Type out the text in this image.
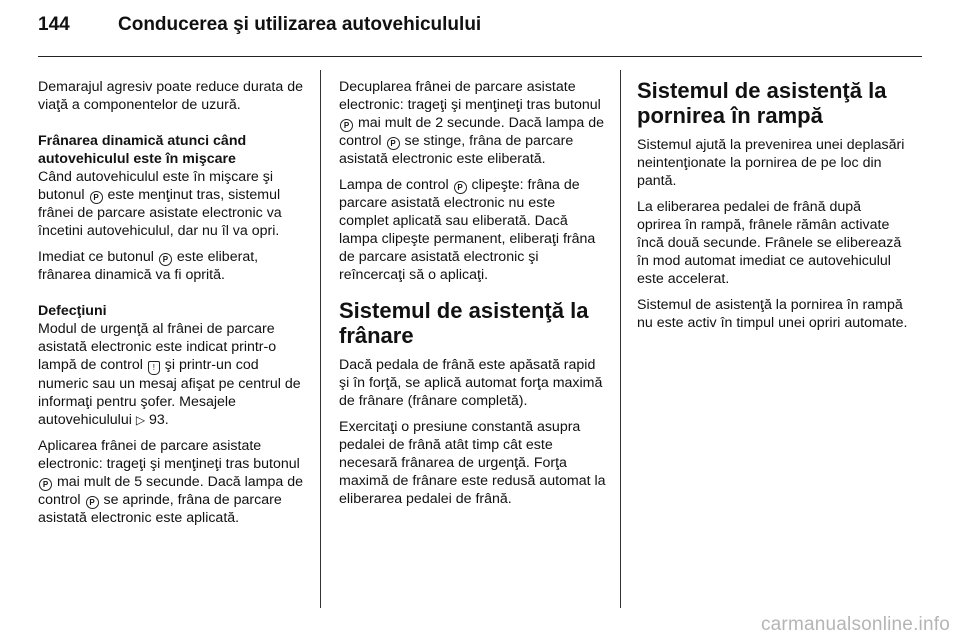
144	Conducerea şi utilizarea autovehiculului

Demarajul agresiv poate reduce durata de viaţă a componentelor de uzură.

Frânarea dinamică atunci când autovehiculul este în mişcare

Când autovehiculul este în mişcare şi butonul P este menţinut tras, sistemul frânei de parcare asistate electronic va încetini autovehiculul, dar nu îl va opri.

Imediat ce butonul P este eliberat, frânarea dinamică va fi oprită.

Defecţiuni

Modul de urgenţă al frânei de parcare asistată electronic este indicat printr-o lampă de control ! şi printr-un cod numeric sau un mesaj afişat pe centrul de informaţi pentru şofer. Mesajele autovehiculului ▷ 93.

Aplicarea frânei de parcare asistate electronic: trageţi şi menţineţi tras butonul P mai mult de 5 secunde. Dacă lampa de control P se aprinde, frâna de parcare asistată electronic este aplicată.

Decuplarea frânei de parcare asistate electronic: trageţi şi menţineţi tras butonul P mai mult de 2 secunde. Dacă lampa de control P se stinge, frâna de parcare asistată electronic este eliberată.

Lampa de control P clipeşte: frâna de parcare asistată electronic nu este complet aplicată sau eliberată. Dacă lampa clipeşte permanent, eliberaţi frâna de parcare asistată electronic şi reîncercaţi să o aplicaţi.

Sistemul de asistenţă la frânare

Dacă pedala de frână este apăsată rapid şi în forţă, se aplică automat forţa maximă de frânare (frânare completă).

Exercitaţi o presiune constantă asupra pedalei de frână atât timp cât este necesară frânarea de urgenţă. Forţa maximă de frânare este redusă automat la eliberarea pedalei de frână.

Sistemul de asistenţă la pornirea în rampă

Sistemul ajută la prevenirea unei deplasări neintenţionate la pornirea de pe loc din pantă.

La eliberarea pedalei de frână după oprirea în rampă, frânele rămân activate încă două secunde. Frânele se eliberează în mod automat imediat ce autovehiculul este accelerat.

Sistemul de asistenţă la pornirea în rampă nu este activ în timpul unei opriri automate.

carmanualsonline.info
